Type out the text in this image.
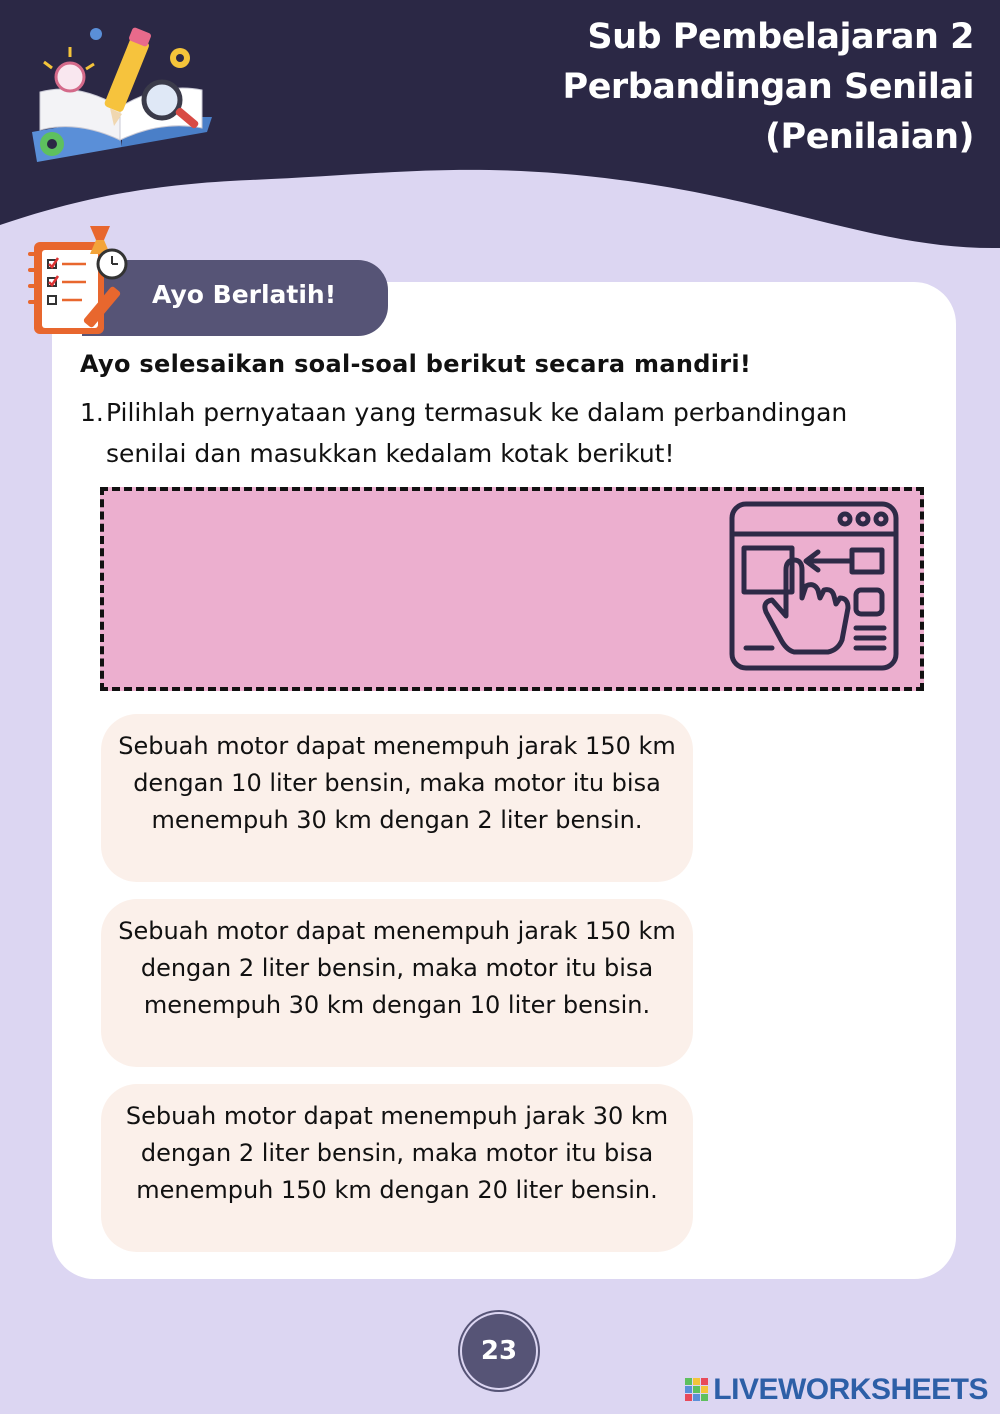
Sub Pembelajaran 2
Perbandingan Senilai
(Penilaian)
Ayo Berlatih!
Ayo selesaikan soal-soal berikut secara mandiri!
1.Pilihlah pernyataan yang termasuk ke dalam perbandingan
senilai dan masukkan kedalam kotak berikut!
Sebuah motor dapat menempuh jarak 150 km dengan 10 liter bensin, maka motor itu bisa menempuh 30 km dengan 2 liter bensin.
Sebuah motor dapat menempuh jarak 150 km dengan 2 liter bensin, maka motor itu bisa menempuh 30 km dengan 10 liter bensin.
Sebuah motor dapat menempuh jarak 30 km dengan 2 liter bensin, maka motor itu bisa menempuh 150 km dengan 20 liter bensin.
23
LIVEWORKSHEETS
